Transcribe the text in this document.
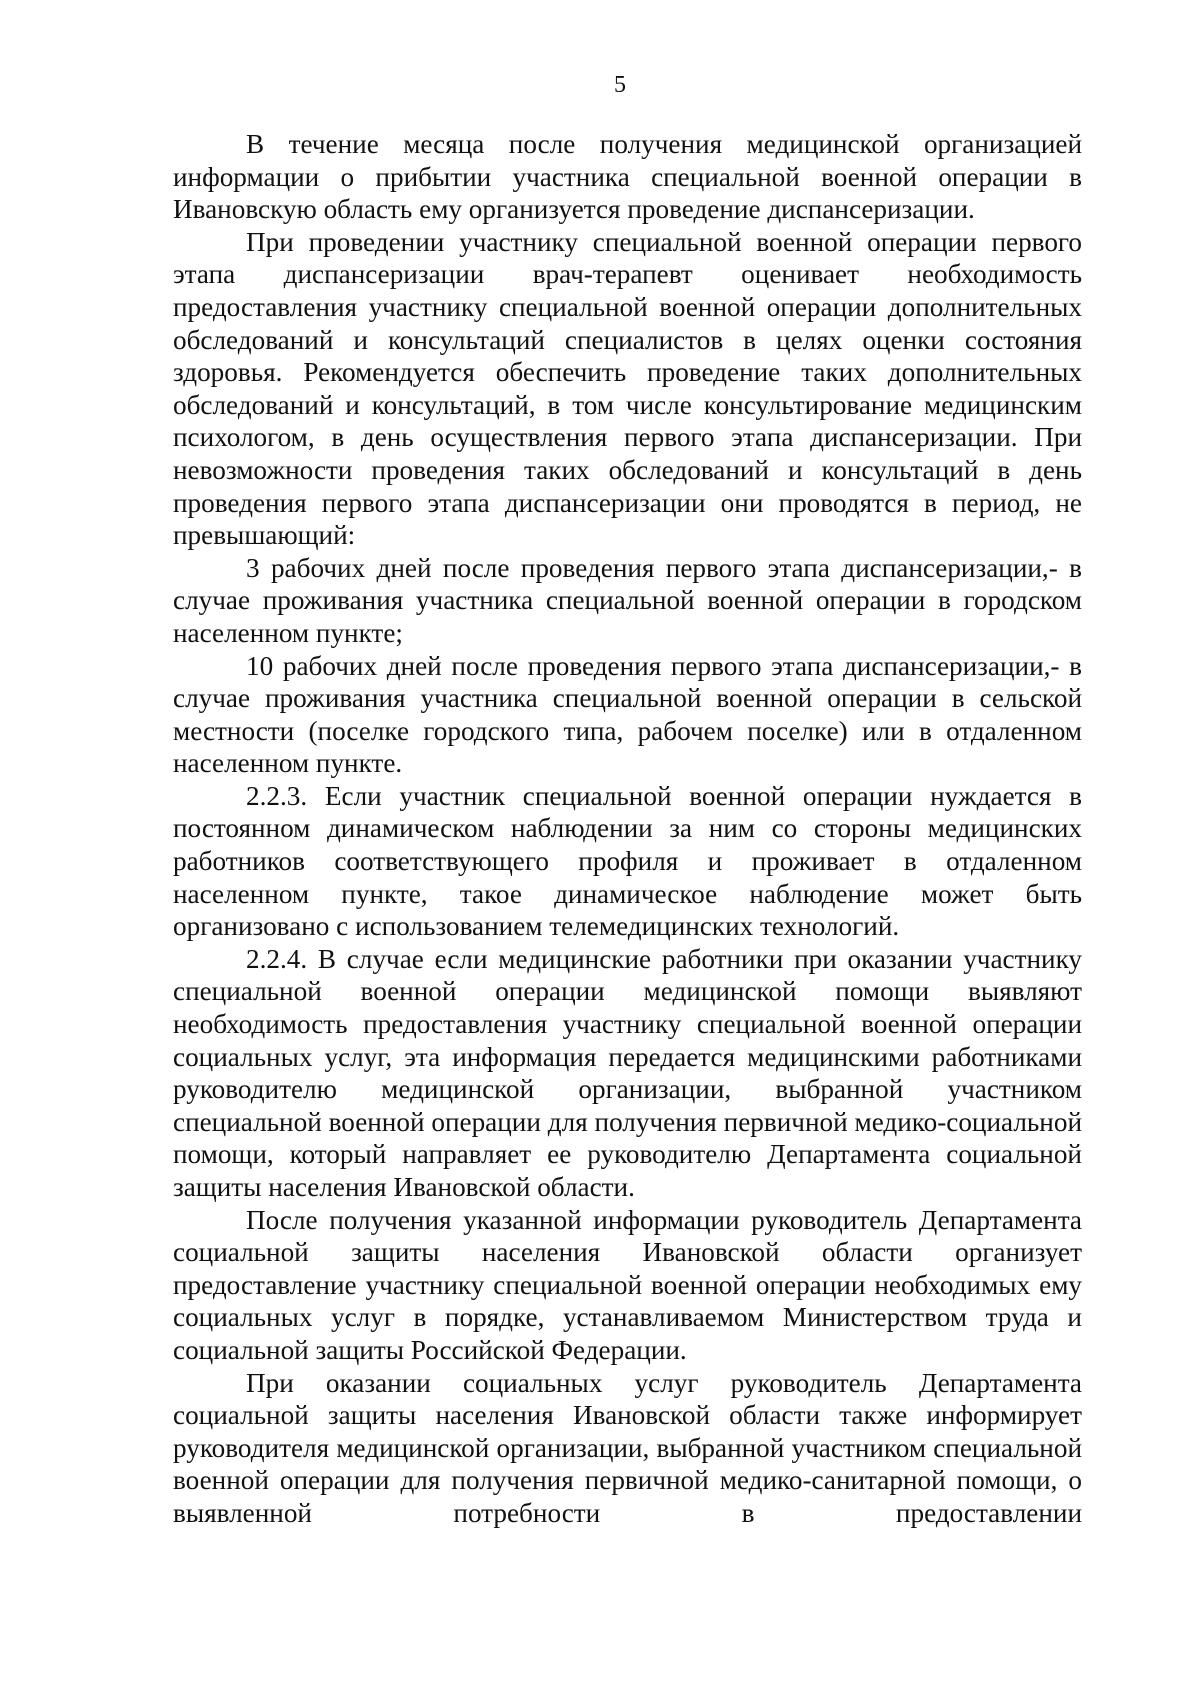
5

В течение месяца после получения медицинской организацией информации о прибытии участника специальной военной операции в Ивановскую область ему организуется проведение диспансеризации.

При проведении участнику специальной военной операции первого этапа диспансеризации врач-терапевт оценивает необходимость предоставления участнику специальной военной операции дополнительных обследований и консультаций специалистов в целях оценки состояния здоровья. Рекомендуется обеспечить проведение таких дополнительных обследований и консультаций, в том числе консультирование медицинским психологом, в день осуществления первого этапа диспансеризации. При невозможности проведения таких обследований и консультаций в день проведения первого этапа диспансеризации они проводятся в период, не превышающий:

3 рабочих дней после проведения первого этапа диспансеризации,- в случае проживания участника специальной военной операции в городском населенном пункте;

10 рабочих дней после проведения первого этапа диспансеризации,- в случае проживания участника специальной военной операции в сельской местности (поселке городского типа, рабочем поселке) или в отдаленном населенном пункте.

2.2.3. Если участник специальной военной операции нуждается в постоянном динамическом наблюдении за ним со стороны медицинских работников соответствующего профиля и проживает в отдаленном населенном пункте, такое динамическое наблюдение может быть организовано с использованием телемедицинских технологий.

2.2.4. В случае если медицинские работники при оказании участнику специальной военной операции медицинской помощи выявляют необходимость предоставления участнику специальной военной операции социальных услуг, эта информация передается медицинскими работниками руководителю медицинской организации, выбранной участником специальной военной операции для получения первичной медико-социальной помощи, который направляет ее руководителю Департамента социальной защиты населения Ивановской области.

После получения указанной информации руководитель Департамента социальной защиты населения Ивановской области организует предоставление участнику специальной военной операции необходимых ему социальных услуг в порядке, устанавливаемом Министерством труда и социальной защиты Российской Федерации.

При оказании социальных услуг руководитель Департамента социальной защиты населения Ивановской области также информирует руководителя медицинской организации, выбранной участником специальной военной операции для получения первичной медико-санитарной помощи, о выявленной потребности в предоставлении
